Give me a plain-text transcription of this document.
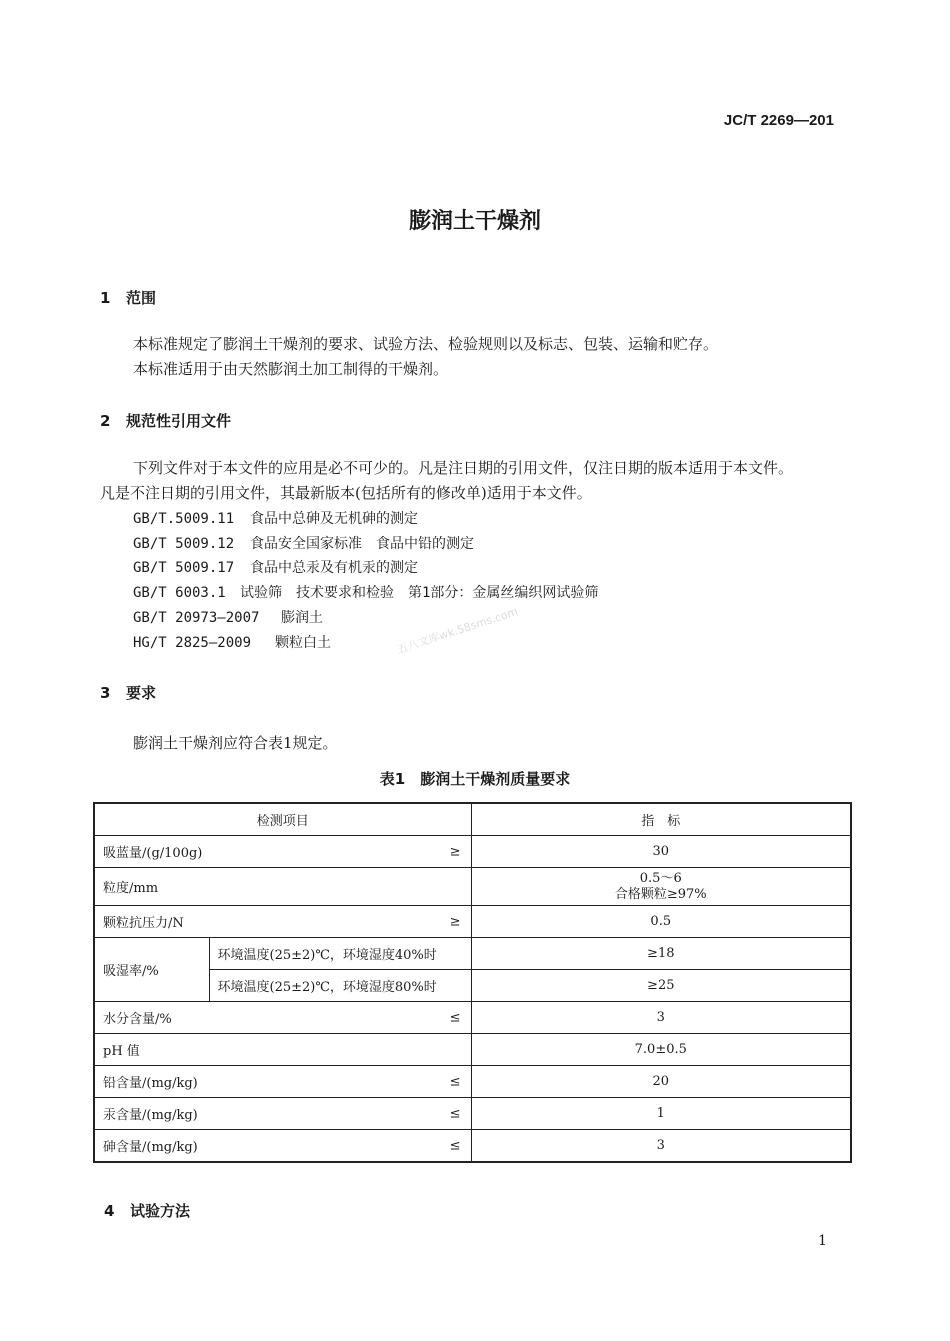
JC/T 2269—201
膨润土干燥剂
1 范围
本标准规定了膨润土干燥剂的要求、试验方法、检验规则以及标志、包装、运输和贮存。
本标准适用于由天然膨润土加工制得的干燥剂。
2 规范性引用文件
下列文件对于本文件的应用是必不可少的。凡是注日期的引用文件，仅注日期的版本适用于本文件。
凡是不注日期的引用文件，其最新版本(包括所有的修改单)适用于本文件。
GB/T.5009.11 食品中总砷及无机砷的测定
GB/T 5009.12 食品安全国家标准　食品中铅的测定
GB/T 5009.17 食品中总汞及有机汞的测定
GB/T 6003.1 试验筛　技术要求和检验　第1部分：金属丝编织网试验筛
GB/T 20973—2007 膨润土
HG/T 2825—2009 颗粒白土	五八文库wk.58sms.com
3 要求
膨润土干燥剂应符合表1规定。
表1　膨润土干燥剂质量要求
检测项目		指　标
吸蓝量/(g/100g) ≥		30
粒度/mm		0.5～6
合格颗粒≥97%

颗粒抗压力/N ≥		0.5
吸湿率/%	环境温度(25±2)℃，环境湿度40%时	≥18
	环境温度(25±2)℃，环境湿度80%时	≥25
水分含量/% ≤		3
pH 值		7.0±0.5
铅含量/(mg/kg) ≤		20
汞含量/(mg/kg) ≤		1
砷含量/(mg/kg) ≤		3
4 试验方法
1
